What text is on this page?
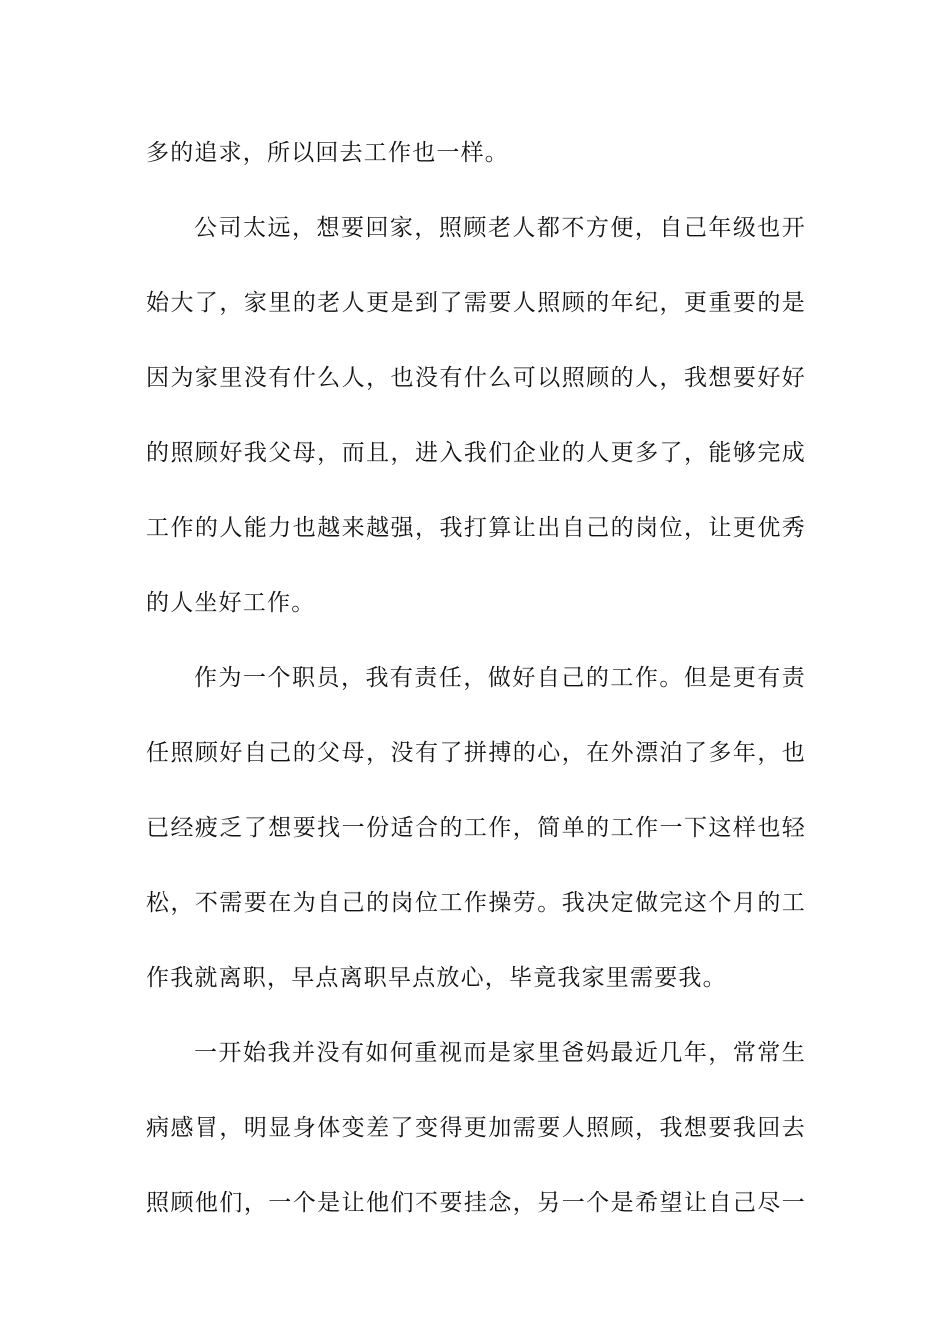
多的追求，所以回去工作也一样。
公司太远，想要回家，照顾老人都不方便，自己年级也开
始大了，家里的老人更是到了需要人照顾的年纪，更重要的是
因为家里没有什么人，也没有什么可以照顾的人，我想要好好
的照顾好我父母，而且，进入我们企业的人更多了，能够完成
工作的人能力也越来越强，我打算让出自己的岗位，让更优秀
的人坐好工作。
作为一个职员，我有责任，做好自己的工作。但是更有责
任照顾好自己的父母，没有了拼搏的心，在外漂泊了多年，也
已经疲乏了想要找一份适合的工作，简单的工作一下这样也轻
松，不需要在为自己的岗位工作操劳。我决定做完这个月的工
作我就离职，早点离职早点放心，毕竟我家里需要我。
一开始我并没有如何重视而是家里爸妈最近几年，常常生
病感冒，明显身体变差了变得更加需要人照顾，我想要我回去
照顾他们，一个是让他们不要挂念，另一个是希望让自己尽一
